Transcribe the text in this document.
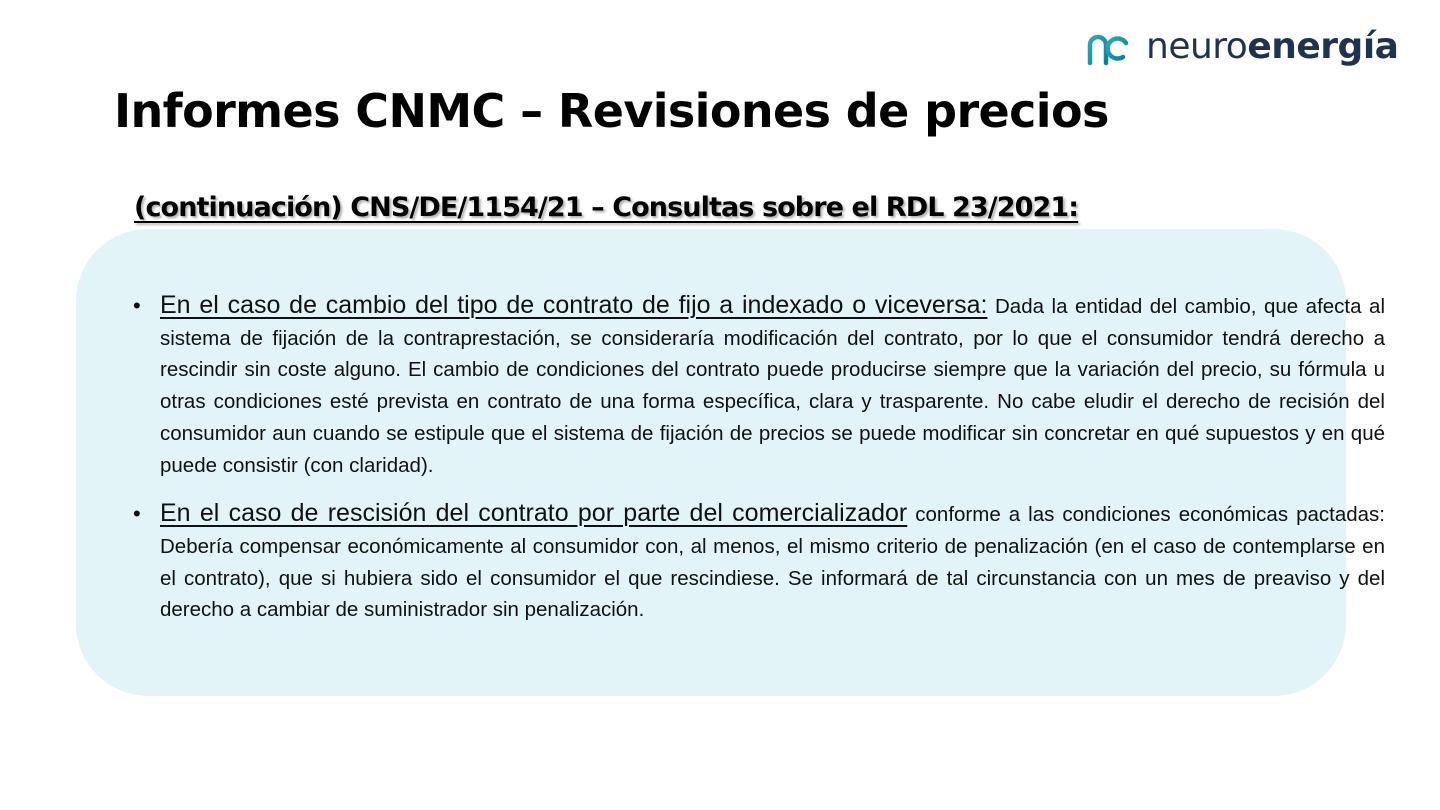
neuroenergía
Informes CNMC – Revisiones de precios
(continuación) CNS/DE/1154/21 – Consultas sobre el RDL 23/2021:
• En el caso de cambio del tipo de contrato de fijo a indexado o viceversa: Dada la entidad del cambio, que afecta al sistema de fijación de la contraprestación, se consideraría modificación del contrato, por lo que el consumidor tendrá derecho a rescindir sin coste alguno. El cambio de condiciones del contrato puede producirse siempre que la variación del precio, su fórmula u otras condiciones esté prevista en contrato de una forma específica, clara y trasparente. No cabe eludir el derecho de recisión del consumidor aun cuando se estipule que el sistema de fijación de precios se puede modificar sin concretar en qué supuestos y en qué puede consistir (con claridad).
• En el caso de rescisión del contrato por parte del comercializador conforme a las condiciones económicas pactadas: Debería compensar económicamente al consumidor con, al menos, el mismo criterio de penalización (en el caso de contemplarse en el contrato), que si hubiera sido el consumidor el que rescindiese. Se informará de tal circunstancia con un mes de preaviso y del derecho a cambiar de suministrador sin penalización.
